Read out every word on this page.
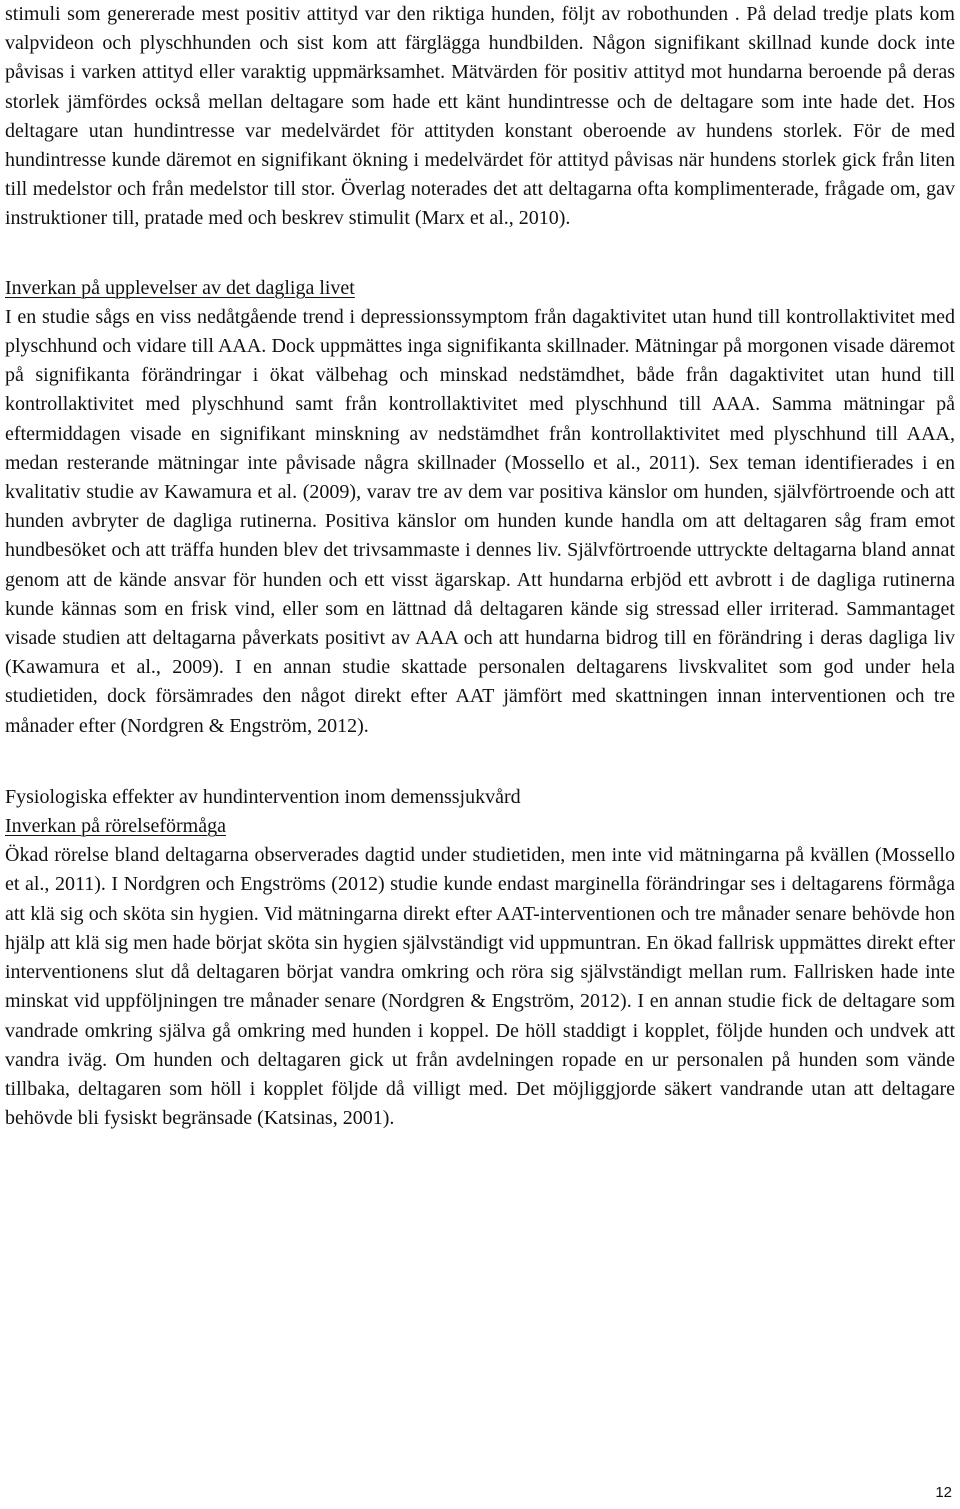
stimuli som genererade mest positiv attityd var den riktiga hunden, följt av robothunden . På delad tredje plats kom valpvideon och plyschhunden och sist kom att färglägga hundbilden. Någon signifikant skillnad kunde dock inte påvisas i varken attityd eller varaktig uppmärksamhet. Mätvärden för positiv attityd mot hundarna beroende på deras storlek jämfördes också mellan deltagare som hade ett känt hundintresse och de deltagare som inte hade det. Hos deltagare utan hundintresse var medelvärdet för attityden konstant oberoende av hundens storlek. För de med hundintresse kunde däremot en signifikant ökning i medelvärdet för attityd påvisas när hundens storlek gick från liten till medelstor och från medelstor till stor. Överlag noterades det att deltagarna ofta komplimenterade, frågade om, gav instruktioner till, pratade med och beskrev stimulit (Marx et al., 2010).

Inverkan på upplevelser av det dagliga livet

I en studie sågs en viss nedåtgående trend i depressionssymptom från dagaktivitet utan hund till kontrollaktivitet med plyschhund och vidare till AAA. Dock uppmättes inga signifikanta skillnader. Mätningar på morgonen visade däremot på signifikanta förändringar i ökat välbehag och minskad nedstämdhet, både från dagaktivitet utan hund till kontrollaktivitet med plyschhund samt från kontrollaktivitet med plyschhund till AAA. Samma mätningar på eftermiddagen visade en signifikant minskning av nedstämdhet från kontrollaktivitet med plyschhund till AAA, medan resterande mätningar inte påvisade några skillnader (Mossello et al., 2011). Sex teman identifierades i en kvalitativ studie av Kawamura et al. (2009), varav tre av dem var positiva känslor om hunden, självförtroende och att hunden avbryter de dagliga rutinerna. Positiva känslor om hunden kunde handla om att deltagaren såg fram emot hundbesöket och att träffa hunden blev det trivsammaste i dennes liv. Självförtroende uttryckte deltagarna bland annat genom att de kände ansvar för hunden och ett visst ägarskap. Att hundarna erbjöd ett avbrott i de dagliga rutinerna kunde kännas som en frisk vind, eller som en lättnad då deltagaren kände sig stressad eller irriterad. Sammantaget visade studien att deltagarna påverkats positivt av AAA och att hundarna bidrog till en förändring i deras dagliga liv (Kawamura et al., 2009). I en annan studie skattade personalen deltagarens livskvalitet som god under hela studietiden, dock försämrades den något direkt efter AAT jämfört med skattningen innan interventionen och tre månader efter (Nordgren & Engström, 2012).

Fysiologiska effekter av hundintervention inom demenssjukvård

Inverkan på rörelseförmåga

Ökad rörelse bland deltagarna observerades dagtid under studietiden, men inte vid mätningarna på kvällen (Mossello et al., 2011). I Nordgren och Engströms (2012) studie kunde endast marginella förändringar ses i deltagarens förmåga att klä sig och sköta sin hygien. Vid mätningarna direkt efter AAT-interventionen och tre månader senare behövde hon hjälp att klä sig men hade börjat sköta sin hygien självständigt vid uppmuntran. En ökad fallrisk uppmättes direkt efter interventionens slut då deltagaren börjat vandra omkring och röra sig självständigt mellan rum. Fallrisken hade inte minskat vid uppföljningen tre månader senare (Nordgren & Engström, 2012). I en annan studie fick de deltagare som vandrade omkring själva gå omkring med hunden i koppel. De höll staddigt i kopplet, följde hunden och undvek att vandra iväg. Om hunden och deltagaren gick ut från avdelningen ropade en ur personalen på hunden som vände tillbaka, deltagaren som höll i kopplet följde då villigt med. Det möjliggjorde säkert vandrande utan att deltagare behövde bli fysiskt begränsade (Katsinas, 2001).

12
